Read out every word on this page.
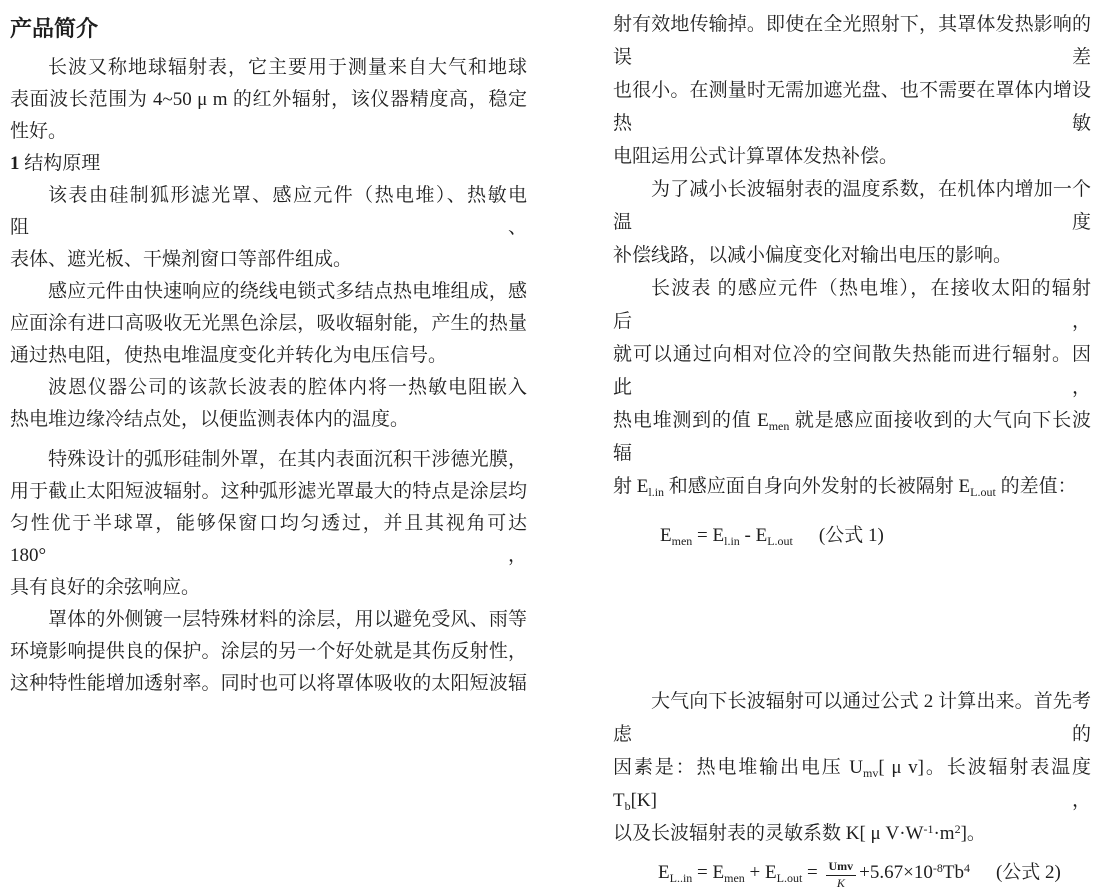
产品简介
长波又称地球辐射表，它主要用于测量来自大气和地球
表面波长范围为 4~50 μ m 的红外辐射，该仪器精度高，稳定
性好。
1 结构原理
该表由硅制狐形滤光罩、感应元件（热电堆）、热敏电阻、
表体、遮光板、干燥剂窗口等部件组成。
感应元件由快速响应的绕线电锁式多结点热电堆组成，感
应面涂有进口高吸收无光黑色涂层，吸收辐射能，产生的热量
通过热电阻，使热电堆温度变化并转化为电压信号。
波恩仪器公司的该款长波表的腔体内将一热敏电阻嵌入
热电堆边缘冷结点处，以便监测表体内的温度。
特殊设计的弧形硅制外罩，在其内表面沉积干涉德光膜，
用于截止太阳短波辐射。这种弧形滤光罩最大的特点是涂层均
匀性优于半球罩，能够保窗口均匀透过，并且其视角可达 180°，
具有良好的余弦响应。
罩体的外侧镀一层特殊材料的涂层，用以避免受风、雨等
环境影响提供良的保护。涂层的另一个好处就是其伤反射性，
这种特性能增加透射率。同时也可以将罩体吸收的太阳短波辐
射有效地传输掉。即使在全光照射下，其罩体发热影响的误差
也很小。在测量时无需加遮光盘、也不需要在罩体内增设热敏
电阻运用公式计算罩体发热补偿。
为了减小长波辐射表的温度系数，在机体内增加一个温度
补偿线路，以减小偏度变化对输出电压的影响。
长波表 的感应元件（热电堆），在接收太阳的辐射后，
就可以通过向相对位冷的空间散失热能而进行辐射。因此，
热电堆测到的值 $E_{men}$ 就是感应面接收到的大气向下长波辐
射 $E_{l.in}$ 和感应面自身向外发射的长被隔射 $E_{L.out}$ 的差值：
$E_{men} = E_{l.in} - E_{L.out}$ (公式 1)
大气向下长波辐射可以通过公式 2 计算出来。首先考虑的
因素是：热电堆输出电压 $U_{mv}$[ μ v]。长波辐射表温度 $T_b[K]$，
以及长波辐射表的灵敏系数 K[ μ $V\cdot W^{-1}\cdot m^2$]。
$E_{L..in} = E_{men} + E_{L.out} = \frac{\text{Umv}}{K} +5.67\times 10^{-8}Tb^4$ (公式 2)
